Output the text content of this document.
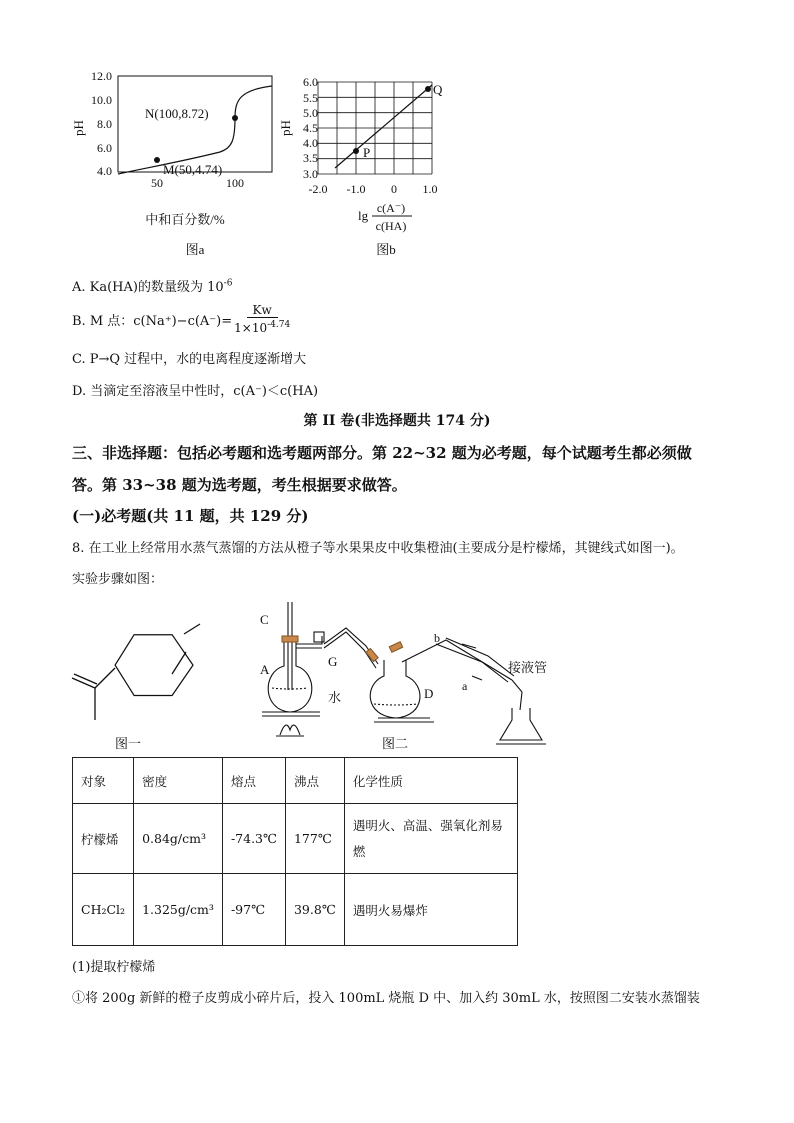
12.0
10.0
8.0
6.0
4.0
50	100
pH
N(100,8.72)
M(50,4.74)
中和百分数/%
图a
6.0
5.5
5.0
4.5
4.0
3.5
3.0
-2.0 -1.0 0 1.0
pH
P
Q
lg c(A⁻)
c(HA)
图b
A. Ka(HA)的数量级为 $10^{-6}$
B. M 点：$c(Na^+)-c(A^-)= \frac{Kw}{1\times 10^{-4.74}}$
C. P→Q 过程中，水的电离程度逐渐增大
D. 当滴定至溶液呈中性时，c(A⁻)＜c(HA)
第 II 卷(非选择题共 174 分)
三、非选择题：包括必考题和选考题两部分。第 22~32 题为必考题，每个试题考生都必须做
答。第 33~38 题为选考题，考生根据要求做答。
(一)必考题(共 11 题，共 129 分)
8. 在工业上经常用水蒸气蒸馏的方法从橙子等水果果皮中收集橙油(主要成分是柠檬烯，其键线式如图一)。
实验步骤如图：
图一
C
G
A
水	D
b
a
接液管
图二
对象	密度	熔点	沸点	化学性质
柠檬烯	0.84g/cm³	-74.3℃	177℃	遇明火、高温、强氧化剂易燃
CH₂Cl₂	1.325g/cm³	-97℃	39.8℃	遇明火易爆炸
(1)提取柠檬烯
①将 200g 新鲜的橙子皮剪成小碎片后，投入 100mL 烧瓶 D 中、加入约 30mL 水，按照图二安装水蒸馏装
